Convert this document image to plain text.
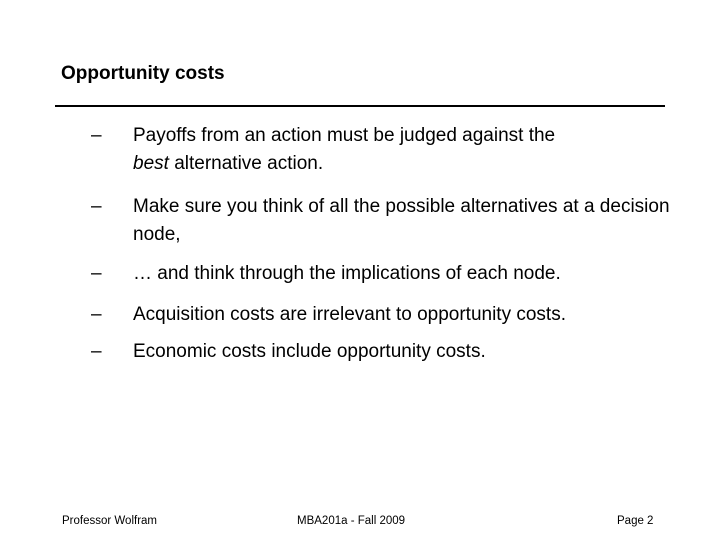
Opportunity costs
– Payoffs from an action must be judged against the
best alternative action.
– Make sure you think of all the possible alternatives at a decision node,
– … and think through the implications of each node.
– Acquisition costs are irrelevant to opportunity costs.
– Economic costs include opportunity costs.
Professor Wolfram	MBA201a - Fall 2009	Page 2
